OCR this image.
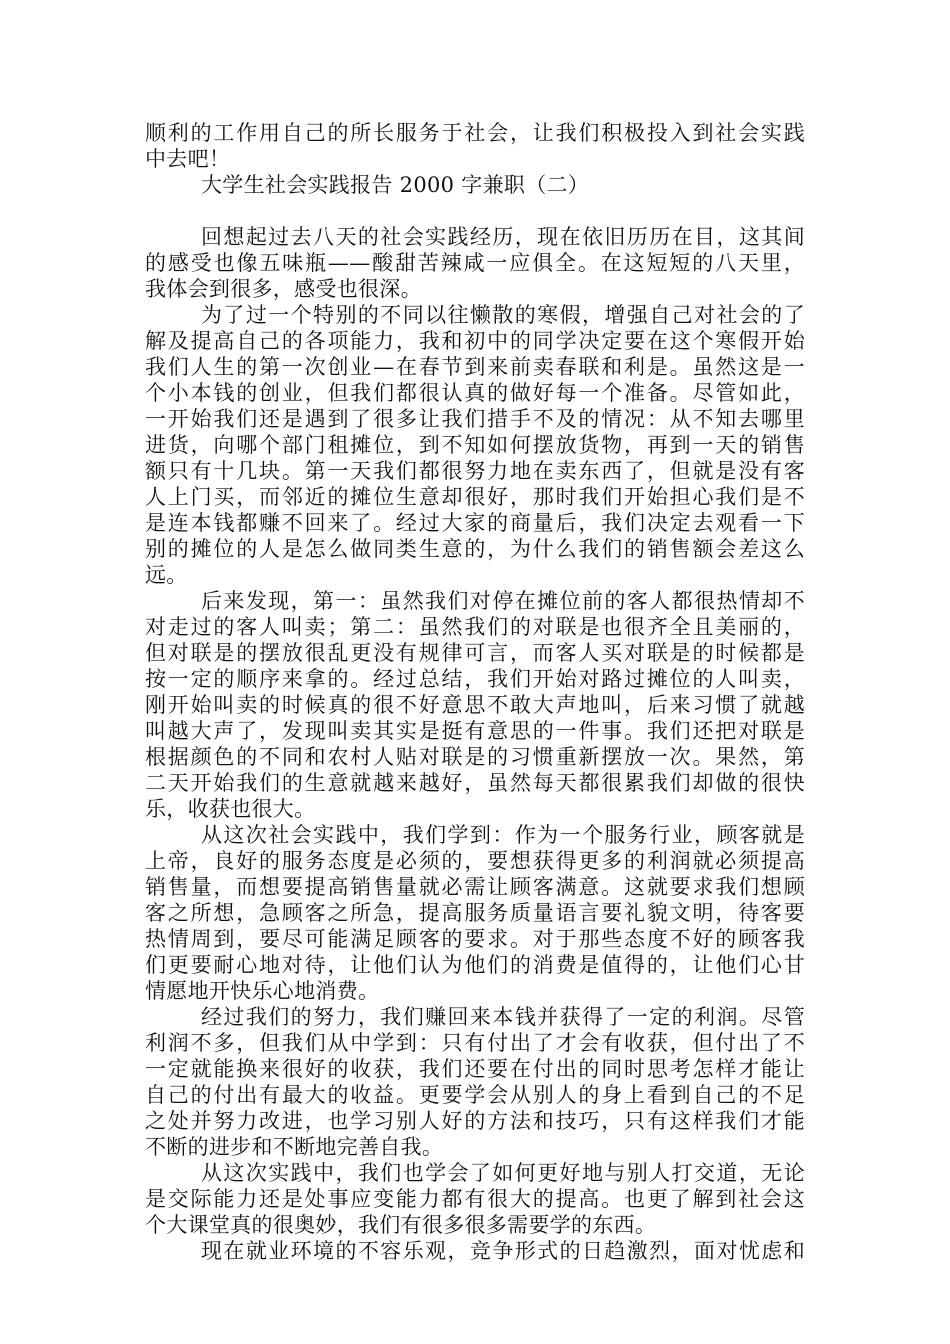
顺利的工作用自己的所长服务于社会，让我们积极投入到社会实践
中去吧！
大学生社会实践报告 2000 字兼职（二）
回想起过去八天的社会实践经历，现在依旧历历在目，这其间
的感受也像五味瓶——酸甜苦辣咸一应俱全。在这短短的八天里，
我体会到很多，感受也很深。
为了过一个特别的不同以往懒散的寒假，增强自己对社会的了
解及提高自己的各项能力，我和初中的同学决定要在这个寒假开始
我们人生的第一次创业—在春节到来前卖春联和利是。虽然这是一
个小本钱的创业，但我们都很认真的做好每一个准备。尽管如此，
一开始我们还是遇到了很多让我们措手不及的情况：从不知去哪里
进货，向哪个部门租摊位，到不知如何摆放货物，再到一天的销售
额只有十几块。第一天我们都很努力地在卖东西了，但就是没有客
人上门买，而邻近的摊位生意却很好，那时我们开始担心我们是不
是连本钱都赚不回来了。经过大家的商量后，我们决定去观看一下
别的摊位的人是怎么做同类生意的，为什么我们的销售额会差这么
远。
后来发现，第一：虽然我们对停在摊位前的客人都很热情却不
对走过的客人叫卖；第二：虽然我们的对联是也很齐全且美丽的，
但对联是的摆放很乱更没有规律可言，而客人买对联是的时候都是
按一定的顺序来拿的。经过总结，我们开始对路过摊位的人叫卖，
刚开始叫卖的时候真的很不好意思不敢大声地叫，后来习惯了就越
叫越大声了，发现叫卖其实是挺有意思的一件事。我们还把对联是
根据颜色的不同和农村人贴对联是的习惯重新摆放一次。果然，第
二天开始我们的生意就越来越好，虽然每天都很累我们却做的很快
乐，收获也很大。
从这次社会实践中，我们学到：作为一个服务行业，顾客就是
上帝，良好的服务态度是必须的，要想获得更多的利润就必须提高
销售量，而想要提高销售量就必需让顾客满意。这就要求我们想顾
客之所想，急顾客之所急，提高服务质量语言要礼貌文明，待客要
热情周到，要尽可能满足顾客的要求。对于那些态度不好的顾客我
们更要耐心地对待，让他们认为他们的消费是值得的，让他们心甘
情愿地开快乐心地消费。
经过我们的努力，我们赚回来本钱并获得了一定的利润。尽管
利润不多，但我们从中学到：只有付出了才会有收获，但付出了不
一定就能换来很好的收获，我们还要在付出的同时思考怎样才能让
自己的付出有最大的收益。更要学会从别人的身上看到自己的不足
之处并努力改进，也学习别人好的方法和技巧，只有这样我们才能
不断的进步和不断地完善自我。
从这次实践中，我们也学会了如何更好地与别人打交道，无论
是交际能力还是处事应变能力都有很大的提高。也更了解到社会这
个大课堂真的很奥妙，我们有很多很多需要学的东西。
现在就业环境的不容乐观，竞争形式的日趋激烈，面对忧虑和
